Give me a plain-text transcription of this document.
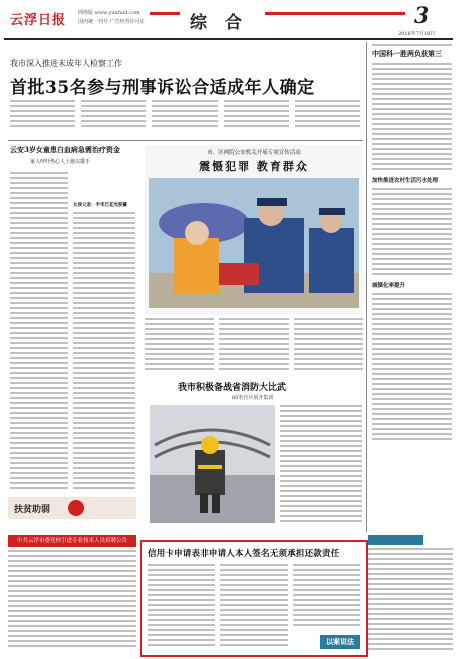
云浮日报	网络版 www.yunfuid.com
国内统一刊号 广告经营许可证	综 合	3
2016年7月18日
我市深入推进未成年人检察工作
首批35名参与刑事诉讼合适成年人确定
中国科一胜两负获第三
加快推进农村生活污水处理
城镇化率提升
云安3岁女童患白血病急需治疗资金
家人呼吁热心人士施以援手
女孩父亲：手术已花光积蓄
市、区两院公安机关开展专项宣传活动
震慑犯罪 教育群众
我市积极备战省消防大比武
60名官兵展开集训
扶贫助弱
中共云浮市委党校引进专业技术人员招聘公告
信用卡申请表非申请人本人签名无须承担还款责任
以案说法
